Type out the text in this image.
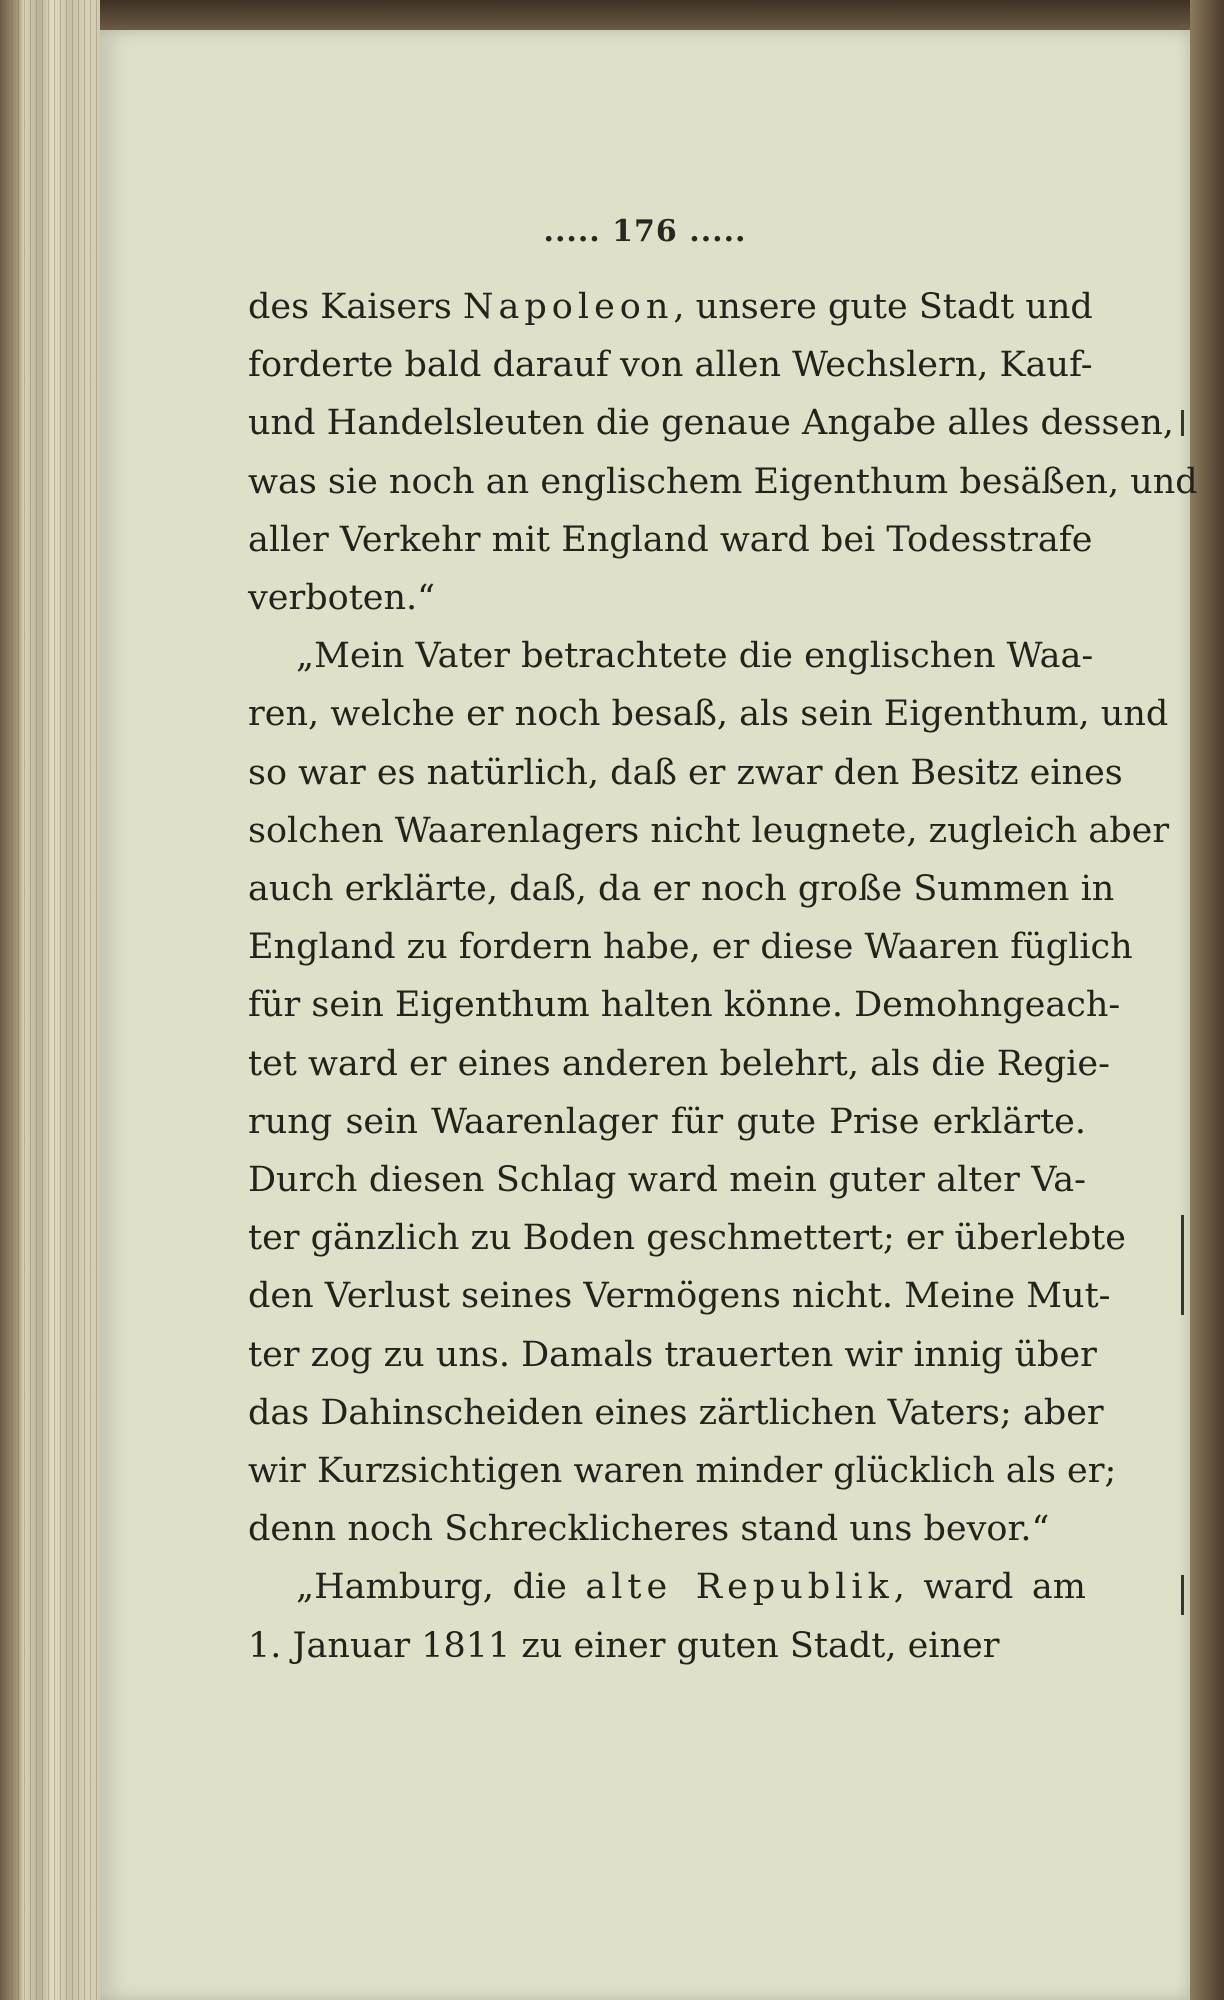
..... 176 .....
des Kaisers Napoleon, unsere gute Stadt und
forderte bald darauf von allen Wechslern, Kauf-
und Handelsleuten die genaue Angabe alles dessen,
was sie noch an englischem Eigenthum besäßen, und
aller Verkehr mit England ward bei Todesstrafe
verboten.“
„Mein Vater betrachtete die englischen Waa-
ren, welche er noch besaß, als sein Eigenthum, und
so war es natürlich, daß er zwar den Besitz eines
solchen Waarenlagers nicht leugnete, zugleich aber
auch erklärte, daß, da er noch große Summen in
England zu fordern habe, er diese Waaren füglich
für sein Eigenthum halten könne. Demohngeach-
tet ward er eines anderen belehrt, als die Regie-
rung sein Waarenlager für gute Prise erklärte.
Durch diesen Schlag ward mein guter alter Va-
ter gänzlich zu Boden geschmettert; er überlebte
den Verlust seines Vermögens nicht. Meine Mut-
ter zog zu uns. Damals trauerten wir innig über
das Dahinscheiden eines zärtlichen Vaters; aber
wir Kurzsichtigen waren minder glücklich als er;
denn noch Schrecklicheres stand uns bevor.“
„Hamburg, die alte Republik, ward am
1. Januar 1811 zu einer guten Stadt, einer
